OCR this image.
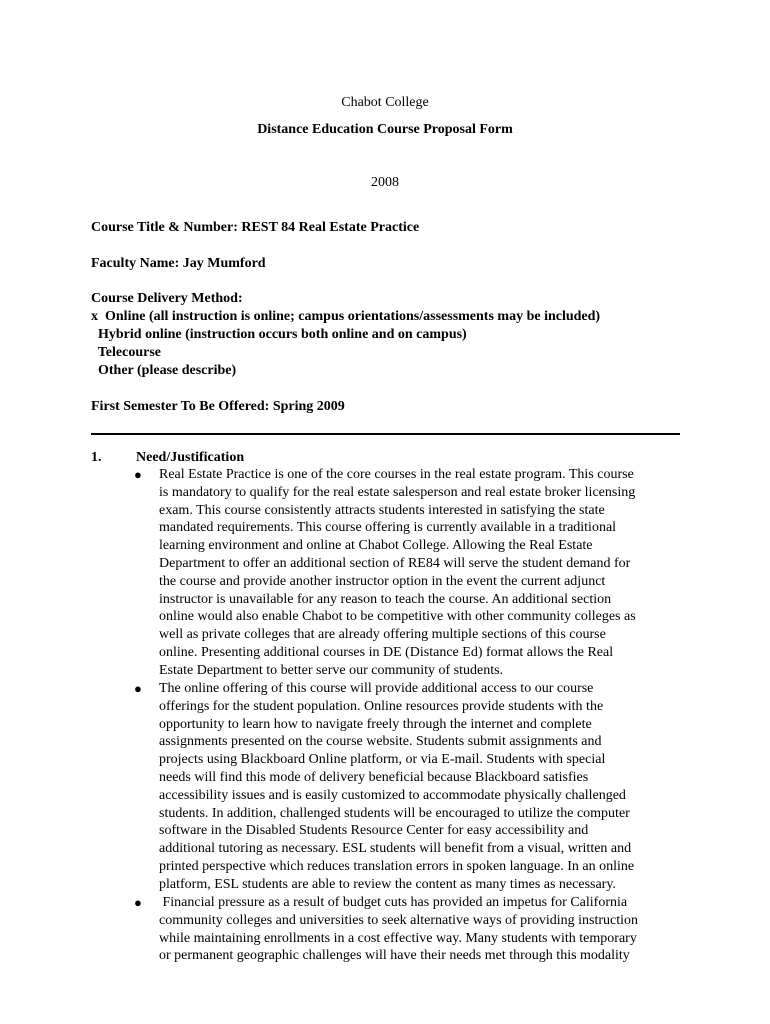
Chabot College
Distance Education Course Proposal Form
2008
Course Title & Number: REST 84 Real Estate Practice
Faculty Name: Jay Mumford
Course Delivery Method:
x  Online (all instruction is online; campus orientations/assessments may be included)
Hybrid online (instruction occurs both online and on campus)
Telecourse
Other (please describe)
First Semester To Be Offered: Spring 2009
1. Need/Justification
● Real Estate Practice is one of the core courses in the real estate program. This course
is mandatory to qualify for the real estate salesperson and real estate broker licensing
exam. This course consistently attracts students interested in satisfying the state
mandated requirements. This course offering is currently available in a traditional
learning environment and online at Chabot College. Allowing the Real Estate
Department to offer an additional section of RE84 will serve the student demand for
the course and provide another instructor option in the event the current adjunct
instructor is unavailable for any reason to teach the course. An additional section
online would also enable Chabot to be competitive with other community colleges as
well as private colleges that are already offering multiple sections of this course
online. Presenting additional courses in DE (Distance Ed) format allows the Real
Estate Department to better serve our community of students.
● The online offering of this course will provide additional access to our course
offerings for the student population. Online resources provide students with the
opportunity to learn how to navigate freely through the internet and complete
assignments presented on the course website. Students submit assignments and
projects using Blackboard Online platform, or via E-mail. Students with special
needs will find this mode of delivery beneficial because Blackboard satisfies
accessibility issues and is easily customized to accommodate physically challenged
students. In addition, challenged students will be encouraged to utilize the computer
software in the Disabled Students Resource Center for easy accessibility and
additional tutoring as necessary. ESL students will benefit from a visual, written and
printed perspective which reduces translation errors in spoken language. In an online
platform, ESL students are able to review the content as many times as necessary.
● Financial pressure as a result of budget cuts has provided an impetus for California
community colleges and universities to seek alternative ways of providing instruction
while maintaining enrollments in a cost effective way. Many students with temporary
or permanent geographic challenges will have their needs met through this modality
